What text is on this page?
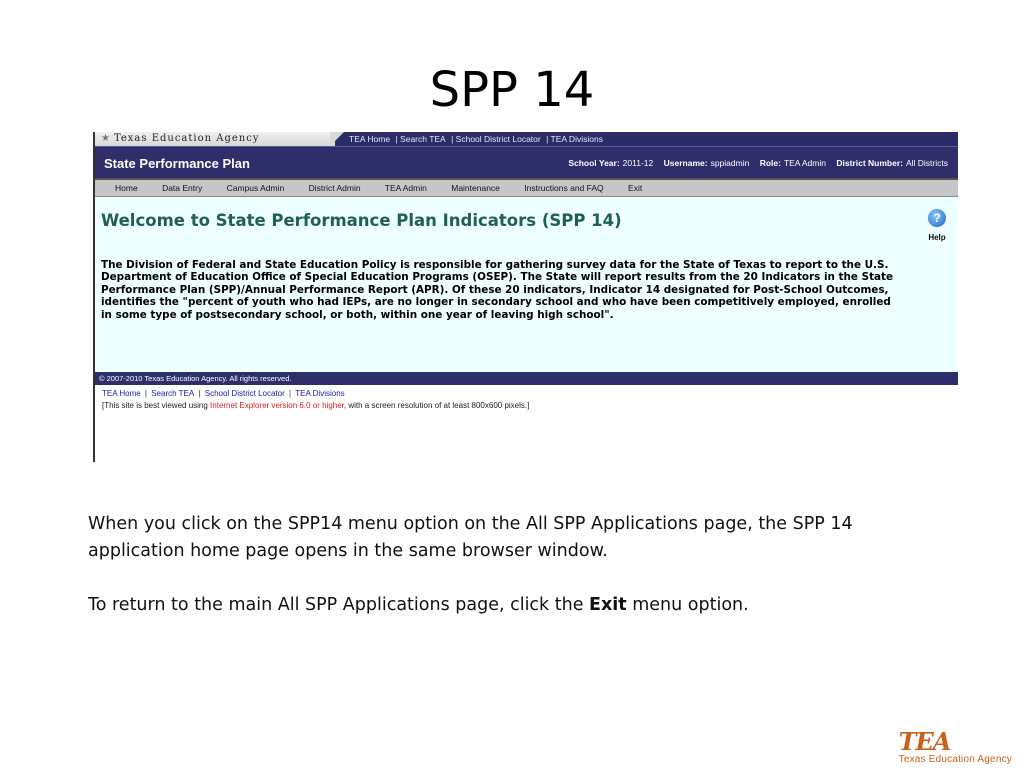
SPP 14
★ Texas Education Agency	TEA Home | Search TEA | School District Locator | TEA Divisions
State Performance Plan	School Year: 2011-12 Username: sppiadmin Role: TEA Admin District Number: All Districts
Home	Data Entry	Campus Admin	District Admin	TEA Admin	Maintenance	Instructions and FAQ	Exit
Welcome to State Performance Plan Indicators (SPP 14)	?
Help
The Division of Federal and State Education Policy is responsible for gathering survey data for the State of Texas to report to the U.S. Department of Education Office of Special Education Programs (OSEP). The State will report results from the 20 Indicators in the State Performance Plan (SPP)/Annual Performance Report (APR). Of these 20 indicators, Indicator 14 designated for Post-School Outcomes, identifies the "percent of youth who had IEPs, are no longer in secondary school and who have been competitively employed, enrolled in some type of postsecondary school, or both, within one year of leaving high school".
© 2007-2010 Texas Education Agency. All rights reserved.
TEA Home | Search TEA | School District Locator | TEA Divisions
[This site is best viewed using Internet Explorer version 6.0 or higher, with a screen resolution of at least 800x600 pixels.]

When you click on the SPP14 menu option on the All SPP Applications page, the SPP 14 application home page opens in the same browser window.

To return to the main All SPP Applications page, click the Exit menu option.

TEA
Texas Education Agency
